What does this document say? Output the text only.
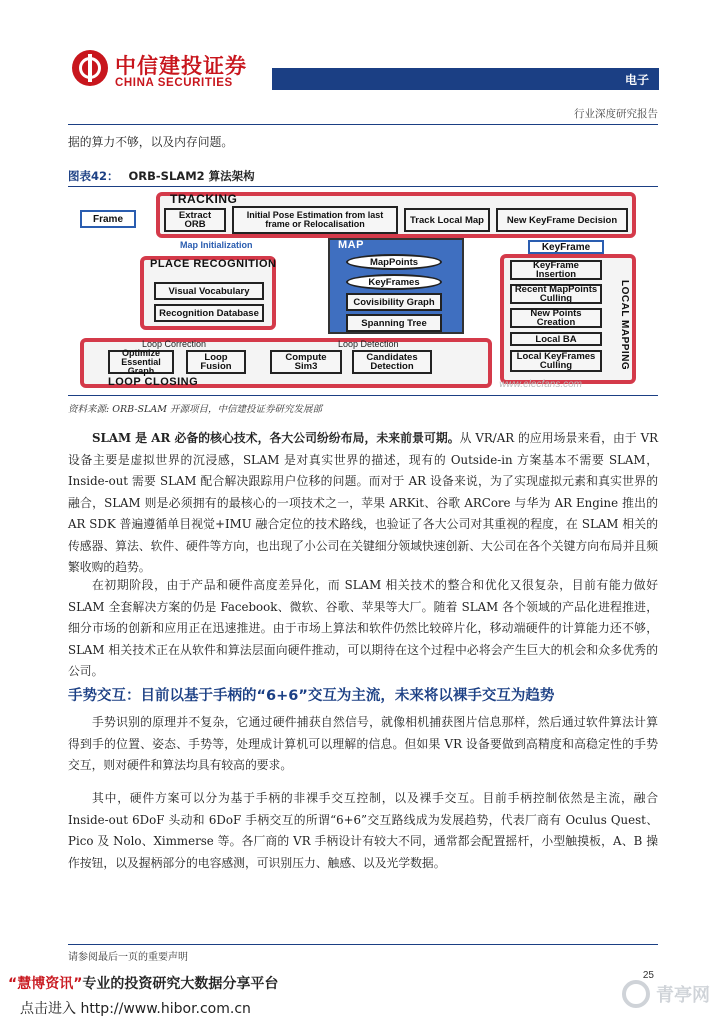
中信建投证券
CHINA SECURITIES	电子
行业深度研究报告

据的算力不够，以及内存问题。

图表42： ORB-SLAM2 算法架构
Frame
TRACKING
Extract ORB
Initial Pose Estimation from last frame or Relocalisation	Track Local Map	New KeyFrame Decision
Map Initialization	KeyFrame
PLACE RECOGNITION
Visual Vocabulary
Recognition Database
MAP
MapPoints
KeyFrames
Covisibility Graph
Spanning Tree	LOCAL MAPPING
KeyFrame Insertion
Recent MapPoints Culling
New Points Creation
Local BA
Local KeyFrames Culling
Loop Correction	Loop Detection
Optimize Essential Graph
Loop Fusion
Compute Sim3
Candidates Detection
LOOP CLOSING	www.elecfans.com
资料来源: ORB-SLAM 开源项目，中信建投证券研究发展部

SLAM 是 AR 必备的核心技术，各大公司纷纷布局，未来前景可期。从 VR/AR 的应用场景来看，由于 VR 设备主要是虚拟世界的沉浸感，SLAM 是对真实世界的描述，现有的 Outside-in 方案基本不需要 SLAM，Inside-out 需要 SLAM 配合解决跟踪用户位移的问题。而对于 AR 设备来说，为了实现虚拟元素和真实世界的融合，SLAM 则是必须拥有的最核心的一项技术之一，苹果 ARKit、谷歌 ARCore 与华为 AR Engine 推出的 AR SDK 普遍遵循单目视觉+IMU 融合定位的技术路线，也验证了各大公司对其重视的程度，在 SLAM 相关的传感器、算法、软件、硬件等方向，也出现了小公司在关键细分领域快速创新、大公司在各个关键方向布局并且频繁收购的趋势。

在初期阶段，由于产品和硬件高度差异化，而 SLAM 相关技术的整合和优化又很复杂，目前有能力做好 SLAM 全套解决方案的仍是 Facebook、微软、谷歌、苹果等大厂。随着 SLAM 各个领域的产品化进程推进，细分市场的创新和应用正在迅速推进。由于市场上算法和软件仍然比较碎片化，移动端硬件的计算能力还不够，SLAM 相关技术正在从软件和算法层面向硬件推动，可以期待在这个过程中必将会产生巨大的机会和众多优秀的公司。

手势交互：目前以基于手柄的“6+6”交互为主流，未来将以裸手交互为趋势

手势识别的原理并不复杂，它通过硬件捕获自然信号，就像相机捕获图片信息那样，然后通过软件算法计算得到手的位置、姿态、手势等，处理成计算机可以理解的信息。但如果 VR 设备要做到高精度和高稳定性的手势交互，则对硬件和算法均具有较高的要求。

其中，硬件方案可以分为基于手柄的非裸手交互控制，以及裸手交互。目前手柄控制依然是主流，融合 Inside-out 6DoF 头动和 6DoF 手柄交互的所谓“6+6”交互路线成为发展趋势，代表厂商有 Oculus Quest、Pico 及 Nolo、Ximmerse 等。各厂商的 VR 手柄设计有较大不同，通常都会配置摇杆，小型触摸板，A、B 操作按钮，以及握柄部分的电容感测，可识别压力、触感、以及光学数据。

请参阅最后一页的重要声明
25
“慧博资讯”专业的投资研究大数据分享平台
点击进入 http://www.hibor.com.cn
青亭网
